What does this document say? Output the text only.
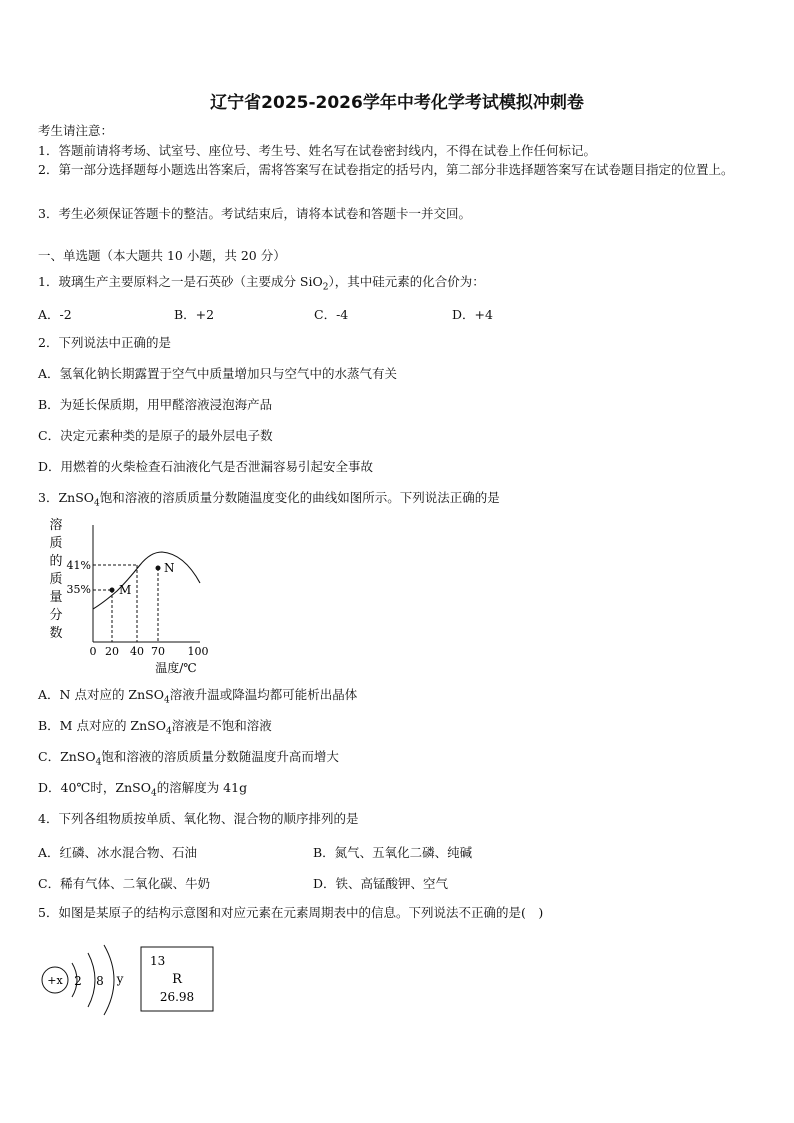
辽宁省2025-2026学年中考化学考试模拟冲刺卷
考生请注意：
1．答题前请将考场、试室号、座位号、考生号、姓名写在试卷密封线内，不得在试卷上作任何标记。
2．第一部分选择题每小题选出答案后，需将答案写在试卷指定的括号内，第二部分非选择题答案写在试卷题目指定的位置上。
3．考生必须保证答题卡的整洁。考试结束后，请将本试卷和答题卡一并交回。
一、单选题（本大题共 10 小题，共 20 分）
1．玻璃生产主要原料之一是石英砂（主要成分 SiO$_2$），其中硅元素的化合价为：
A．-2	B．+2	C．-4	D．+4
2．下列说法中正确的是
A．氢氧化钠长期露置于空气中质量增加只与空气中的水蒸气有关
B．为延长保质期，用甲醛溶液浸泡海产品
C．决定元素种类的是原子的最外层电子数
D．用燃着的火柴检查石油液化气是否泄漏容易引起安全事故
3．ZnSO$_4$饱和溶液的溶质质量分数随温度变化的曲线如图所示。下列说法正确的是
溶
质
的
质
量
分
数
M
N
41%
35%
0 20 40 70 100
温度/℃
A．N 点对应的 ZnSO$_4$溶液升温或降温均都可能析出晶体
B．M 点对应的 ZnSO$_4$溶液是不饱和溶液
C．ZnSO$_4$饱和溶液的溶质质量分数随温度升高而增大
D．40℃时，ZnSO$_4$的溶解度为 41g
4．下列各组物质按单质、氧化物、混合物的顺序排列的是
A．红磷、冰水混合物、石油	B．氮气、五氧化二磷、纯碱
C．稀有气体、二氧化碳、牛奶	D．铁、高锰酸钾、空气
5．如图是某原子的结构示意图和对应元素在元素周期表中的信息。下列说法不正确的是(　)
+x 2 8 y
13
R
26.98
